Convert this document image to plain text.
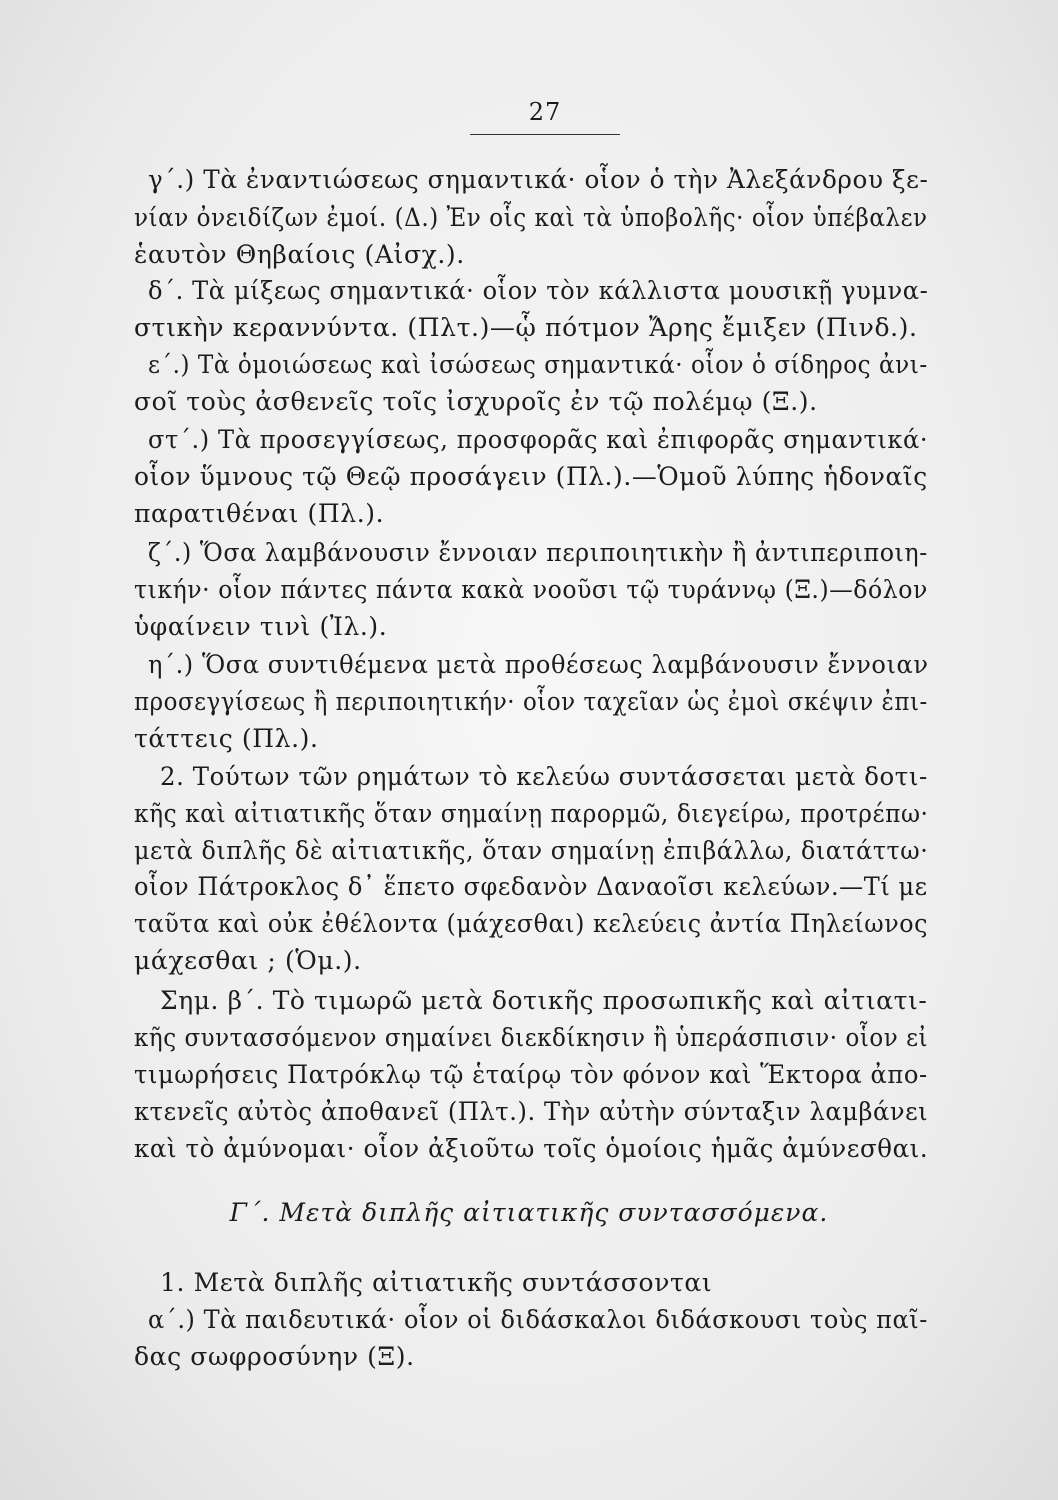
27
γ΄.) Τὰ ἐναντιώσεως σημαντικά· οἷον ὁ τὴν Ἀλεξάνδρου ξε-
νίαν ὀνειδίζων ἐμοί. (Δ.) Ἐν οἷς καὶ τὰ ὑποβολῆς· οἷον ὑπέβαλεν
ἑαυτὸν Θηβαίοις (Αἰσχ.).
δ΄. Τὰ μίξεως σημαντικά· οἷον τὸν κάλλιστα μουσικῇ γυμνα-
στικὴν κεραννύντα. (Πλτ.)—ᾧ πότμον Ἄρης ἔμιξεν (Πινδ.).
ε΄.) Τὰ ὁμοιώσεως καὶ ἰσώσεως σημαντικά· οἷον ὁ σίδηρος ἀνι-
σοῖ τοὺς ἀσθενεῖς τοῖς ἰσχυροῖς ἐν τῷ πολέμῳ (Ξ.).
στ΄.) Τὰ προσεγγίσεως, προσφορᾶς καὶ ἐπιφορᾶς σημαντικά·
οἷον ὕμνους τῷ Θεῷ προσάγειν (Πλ.).—Ὁμοῦ λύπης ἡδοναῖς
παρατιθέναι (Πλ.).
ζ΄.) Ὅσα λαμβάνουσιν ἔννοιαν περιποιητικὴν ἢ ἀντιπεριποιη-
τικήν· οἷον πάντες πάντα κακὰ νοοῦσι τῷ τυράννῳ (Ξ.)—δόλον
ὑφαίνειν τινὶ (Ἰλ.).
η΄.) Ὅσα συντιθέμενα μετὰ προθέσεως λαμβάνουσιν ἔννοιαν
προσεγγίσεως ἢ περιποιητικήν· οἷον ταχεῖαν ὡς ἐμοὶ σκέψιν ἐπι-
τάττεις (Πλ.).
2. Τούτων τῶν ρημάτων τὸ κελεύω συντάσσεται μετὰ δοτι-
κῆς καὶ αἰτιατικῆς ὅταν σημαίνῃ παρορμῶ, διεγείρω, προτρέπω·
μετὰ διπλῆς δὲ αἰτιατικῆς, ὅταν σημαίνῃ ἐπιβάλλω, διατάττω·
οἷον Πάτροκλος δ᾽ ἕπετο σφεδανὸν Δαναοῖσι κελεύων.—Τί με
ταῦτα καὶ οὐκ ἐθέλοντα (μάχεσθαι) κελεύεις ἀντία Πηλείωνος
μάχεσθαι ; (Ὁμ.).
Σημ. β΄. Τὸ τιμωρῶ μετὰ δοτικῆς προσωπικῆς καὶ αἰτιατι-
κῆς συντασσόμενον σημαίνει διεκδίκησιν ἢ ὑπεράσπισιν· οἷον εἰ
τιμωρήσεις Πατρόκλῳ τῷ ἑταίρῳ τὸν φόνον καὶ Ἕκτορα ἀπο-
κτενεῖς αὐτὸς ἀποθανεῖ (Πλτ.). Τὴν αὐτὴν σύνταξιν λαμβάνει
καὶ τὸ ἀμύνομαι· οἷον ἀξιοῦτω τοῖς ὁμοίοις ἡμᾶς ἀμύνεσθαι.
Γ΄. Μετὰ διπλῆς αἰτιατικῆς συντασσόμενα.
1. Μετὰ διπλῆς αἰτιατικῆς συντάσσονται
α΄.) Τὰ παιδευτικά· οἷον οἱ διδάσκαλοι διδάσκουσι τοὺς παῖ-
δας σωφροσύνην (Ξ).
